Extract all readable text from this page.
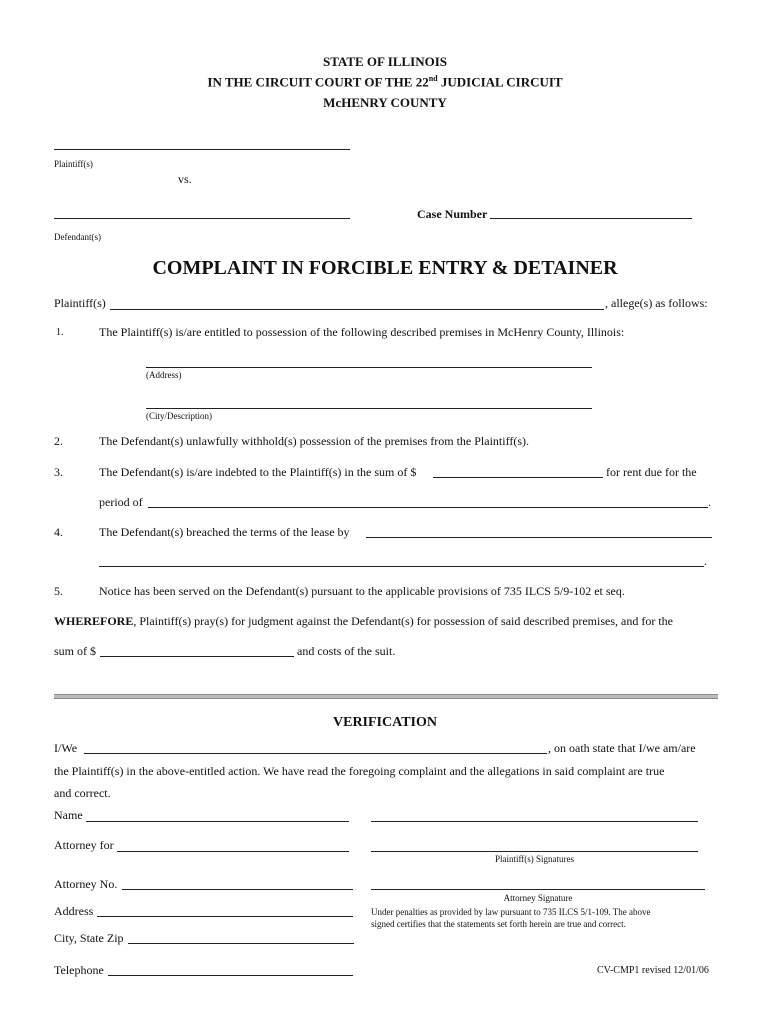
STATE OF ILLINOIS
IN THE CIRCUIT COURT OF THE 22nd JUDICIAL CIRCUIT
McHENRY COUNTY
Plaintiff(s)
vs.
Case Number
Defendant(s)
COMPLAINT IN FORCIBLE ENTRY & DETAINER
Plaintiff(s)	, allege(s) as follows:
1.	The Plaintiff(s) is/are entitled to possession of the following described premises in McHenry County, Illinois:
(Address)
(City/Description)
2.	The Defendant(s) unlawfully withhold(s) possession of the premises from the Plaintiff(s).
3.	The Defendant(s) is/are indebted to the Plaintiff(s) in the sum of $	for rent due for the
period of	.
4.	The Defendant(s) breached the terms of the lease by
.
5.	Notice has been served on the Defendant(s) pursuant to the applicable provisions of 735 ILCS 5/9-102 et seq.
WHEREFORE, Plaintiff(s) pray(s) for judgment against the Defendant(s) for possession of said described premises, and for the
sum of $	and costs of the suit.
VERIFICATION
I/We	, on oath state that I/we am/are
the Plaintiff(s) in the above-entitled action. We have read the foregoing complaint and the allegations in said complaint are true
and correct.
Name
Attorney for
Attorney No.
Address
City, State Zip
Telephone
Plaintiff(s) Signatures
Attorney Signature
Under penalties as provided by law pursuant to 735 ILCS 5/1-109. The above
signed certifies that the statements set forth herein are true and correct.
CV-CMP1 revised 12/01/06
